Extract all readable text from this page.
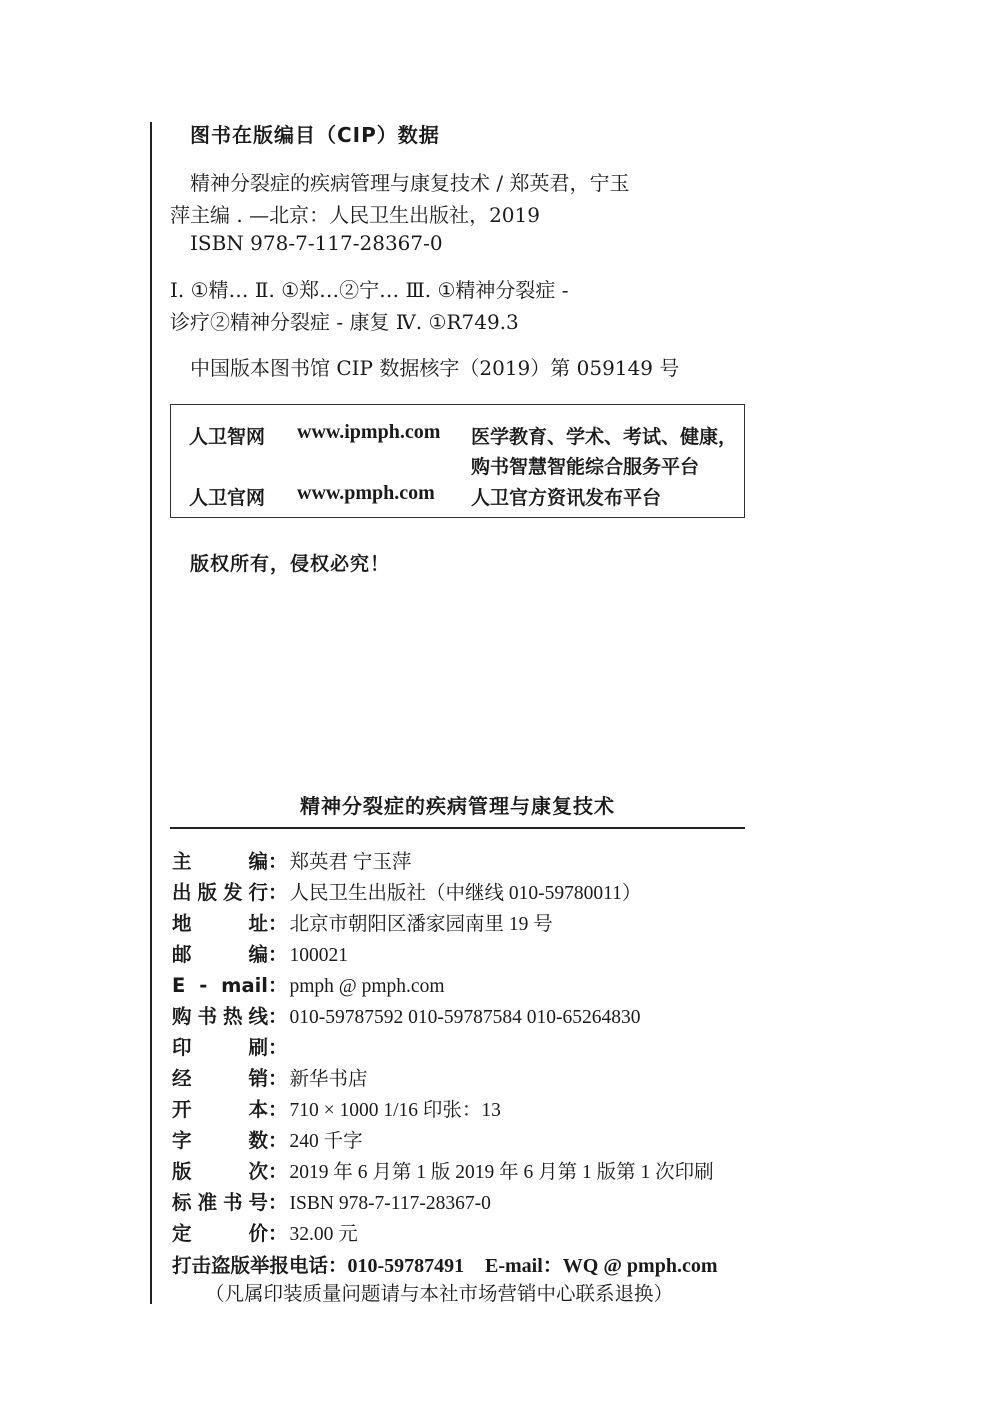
图书在版编目（CIP）数据
精神分裂症的疾病管理与康复技术 / 郑英君，宁玉
萍主编 . —北京：人民卫生出版社，2019
ISBN 978-7-117-28367-0
Ⅰ. ①精… Ⅱ. ①郑…②宁… Ⅲ. ①精神分裂症 -
诊疗②精神分裂症 - 康复 Ⅳ. ①R749.3
中国版本图书馆 CIP 数据核字（2019）第 059149 号
人卫智网 www.ipmph.com 医学教育、学术、考试、健康，
购书智慧智能综合服务平台
人卫官网 www.pmph.com 人卫官方资讯发布平台
版权所有，侵权必究！
精神分裂症的疾病管理与康复技术
主编： 郑英君 宁玉萍
出版发行： 人民卫生出版社（中继线 010-59780011）
地址： 北京市朝阳区潘家园南里 19 号
邮编： 100021
E - mail： pmph @ pmph.com
购书热线： 010-59787592 010-59787584 010-65264830
印刷：
经销： 新华书店
开本： 710 × 1000 1/16 印张：13
字数： 240 千字
版次： 2019 年 6 月第 1 版 2019 年 6 月第 1 版第 1 次印刷
标准书号： ISBN 978-7-117-28367-0
定价： 32.00 元
打击盗版举报电话：010-59787491 E-mail：WQ @ pmph.com
（凡属印装质量问题请与本社市场营销中心联系退换）
